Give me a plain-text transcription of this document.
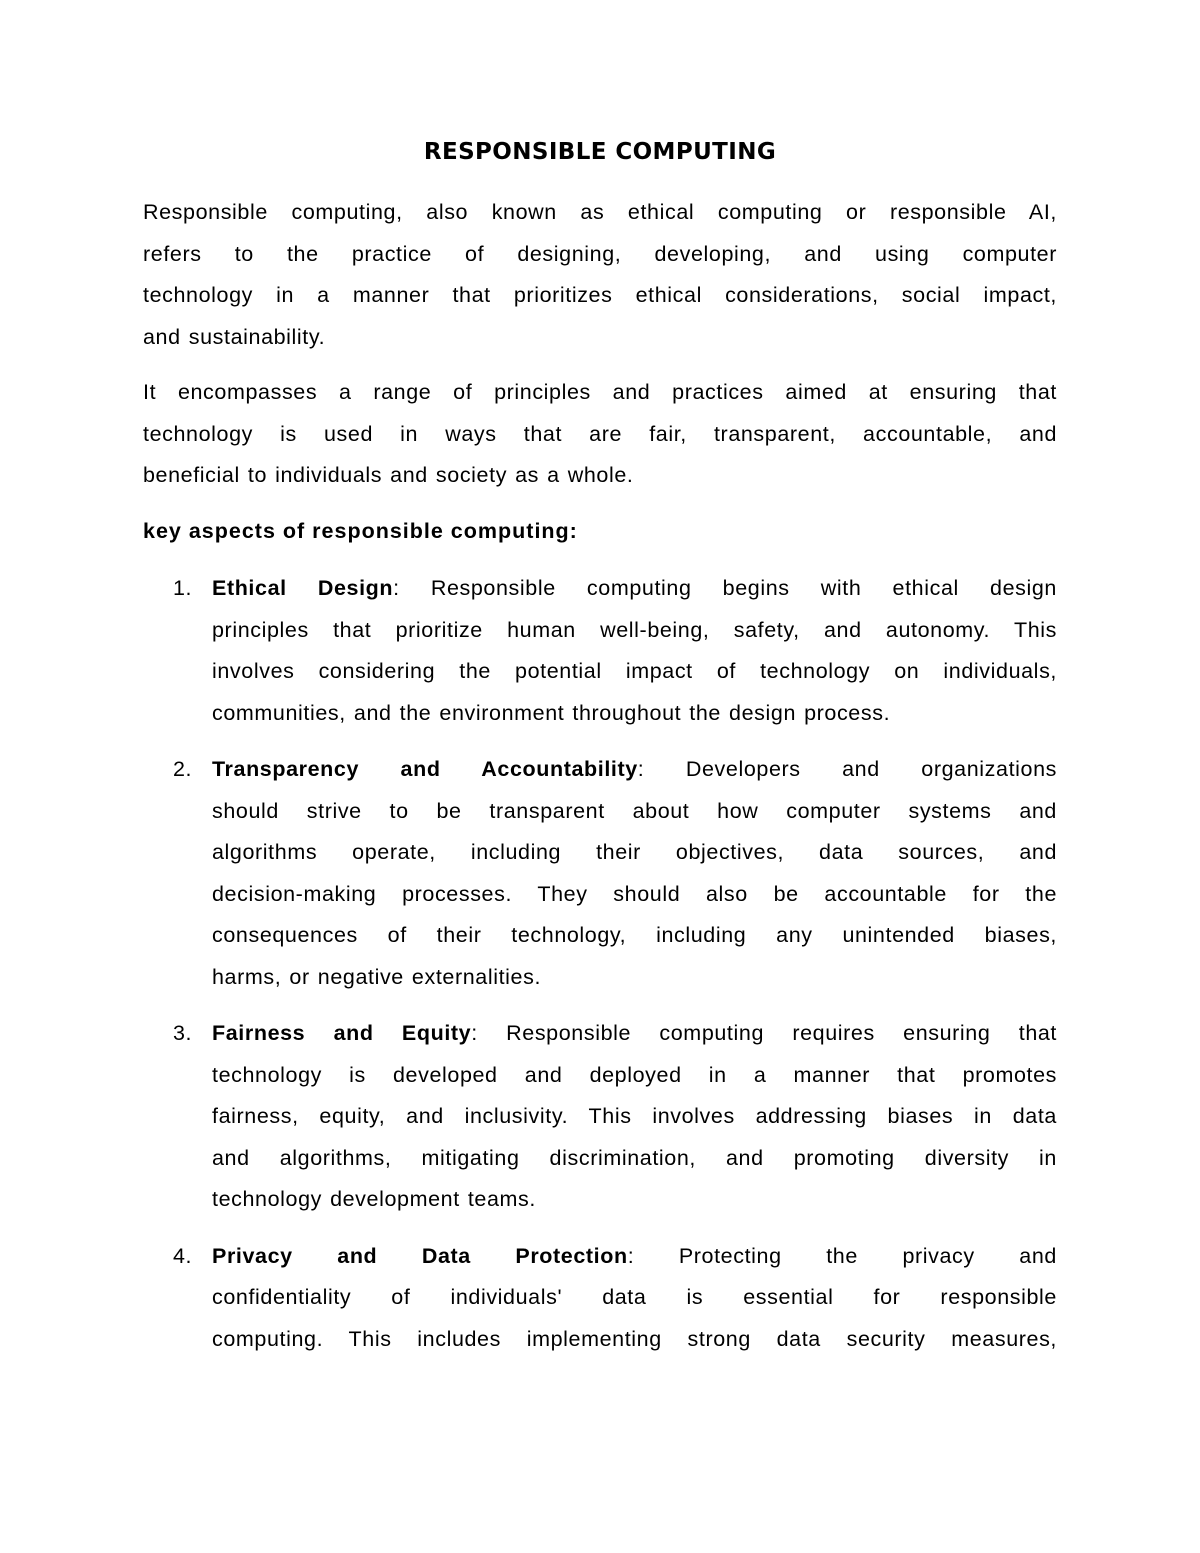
RESPONSIBLE COMPUTING
Responsible computing, also known as ethical computing or responsible AI,
refers to the practice of designing, developing, and using computer
technology in a manner that prioritizes ethical considerations, social impact,
and sustainability.
It encompasses a range of principles and practices aimed at ensuring that
technology is used in ways that are fair, transparent, accountable, and
beneficial to individuals and society as a whole.
key aspects of responsible computing:
1. Ethical Design: Responsible computing begins with ethical design
principles that prioritize human well-being, safety, and autonomy. This
involves considering the potential impact of technology on individuals,
communities, and the environment throughout the design process.
2. Transparency and Accountability: Developers and organizations
should strive to be transparent about how computer systems and
algorithms operate, including their objectives, data sources, and
decision-making processes. They should also be accountable for the
consequences of their technology, including any unintended biases,
harms, or negative externalities.
3. Fairness and Equity: Responsible computing requires ensuring that
technology is developed and deployed in a manner that promotes
fairness, equity, and inclusivity. This involves addressing biases in data
and algorithms, mitigating discrimination, and promoting diversity in
technology development teams.
4. Privacy and Data Protection: Protecting the privacy and
confidentiality of individuals' data is essential for responsible
computing. This includes implementing strong data security measures,
